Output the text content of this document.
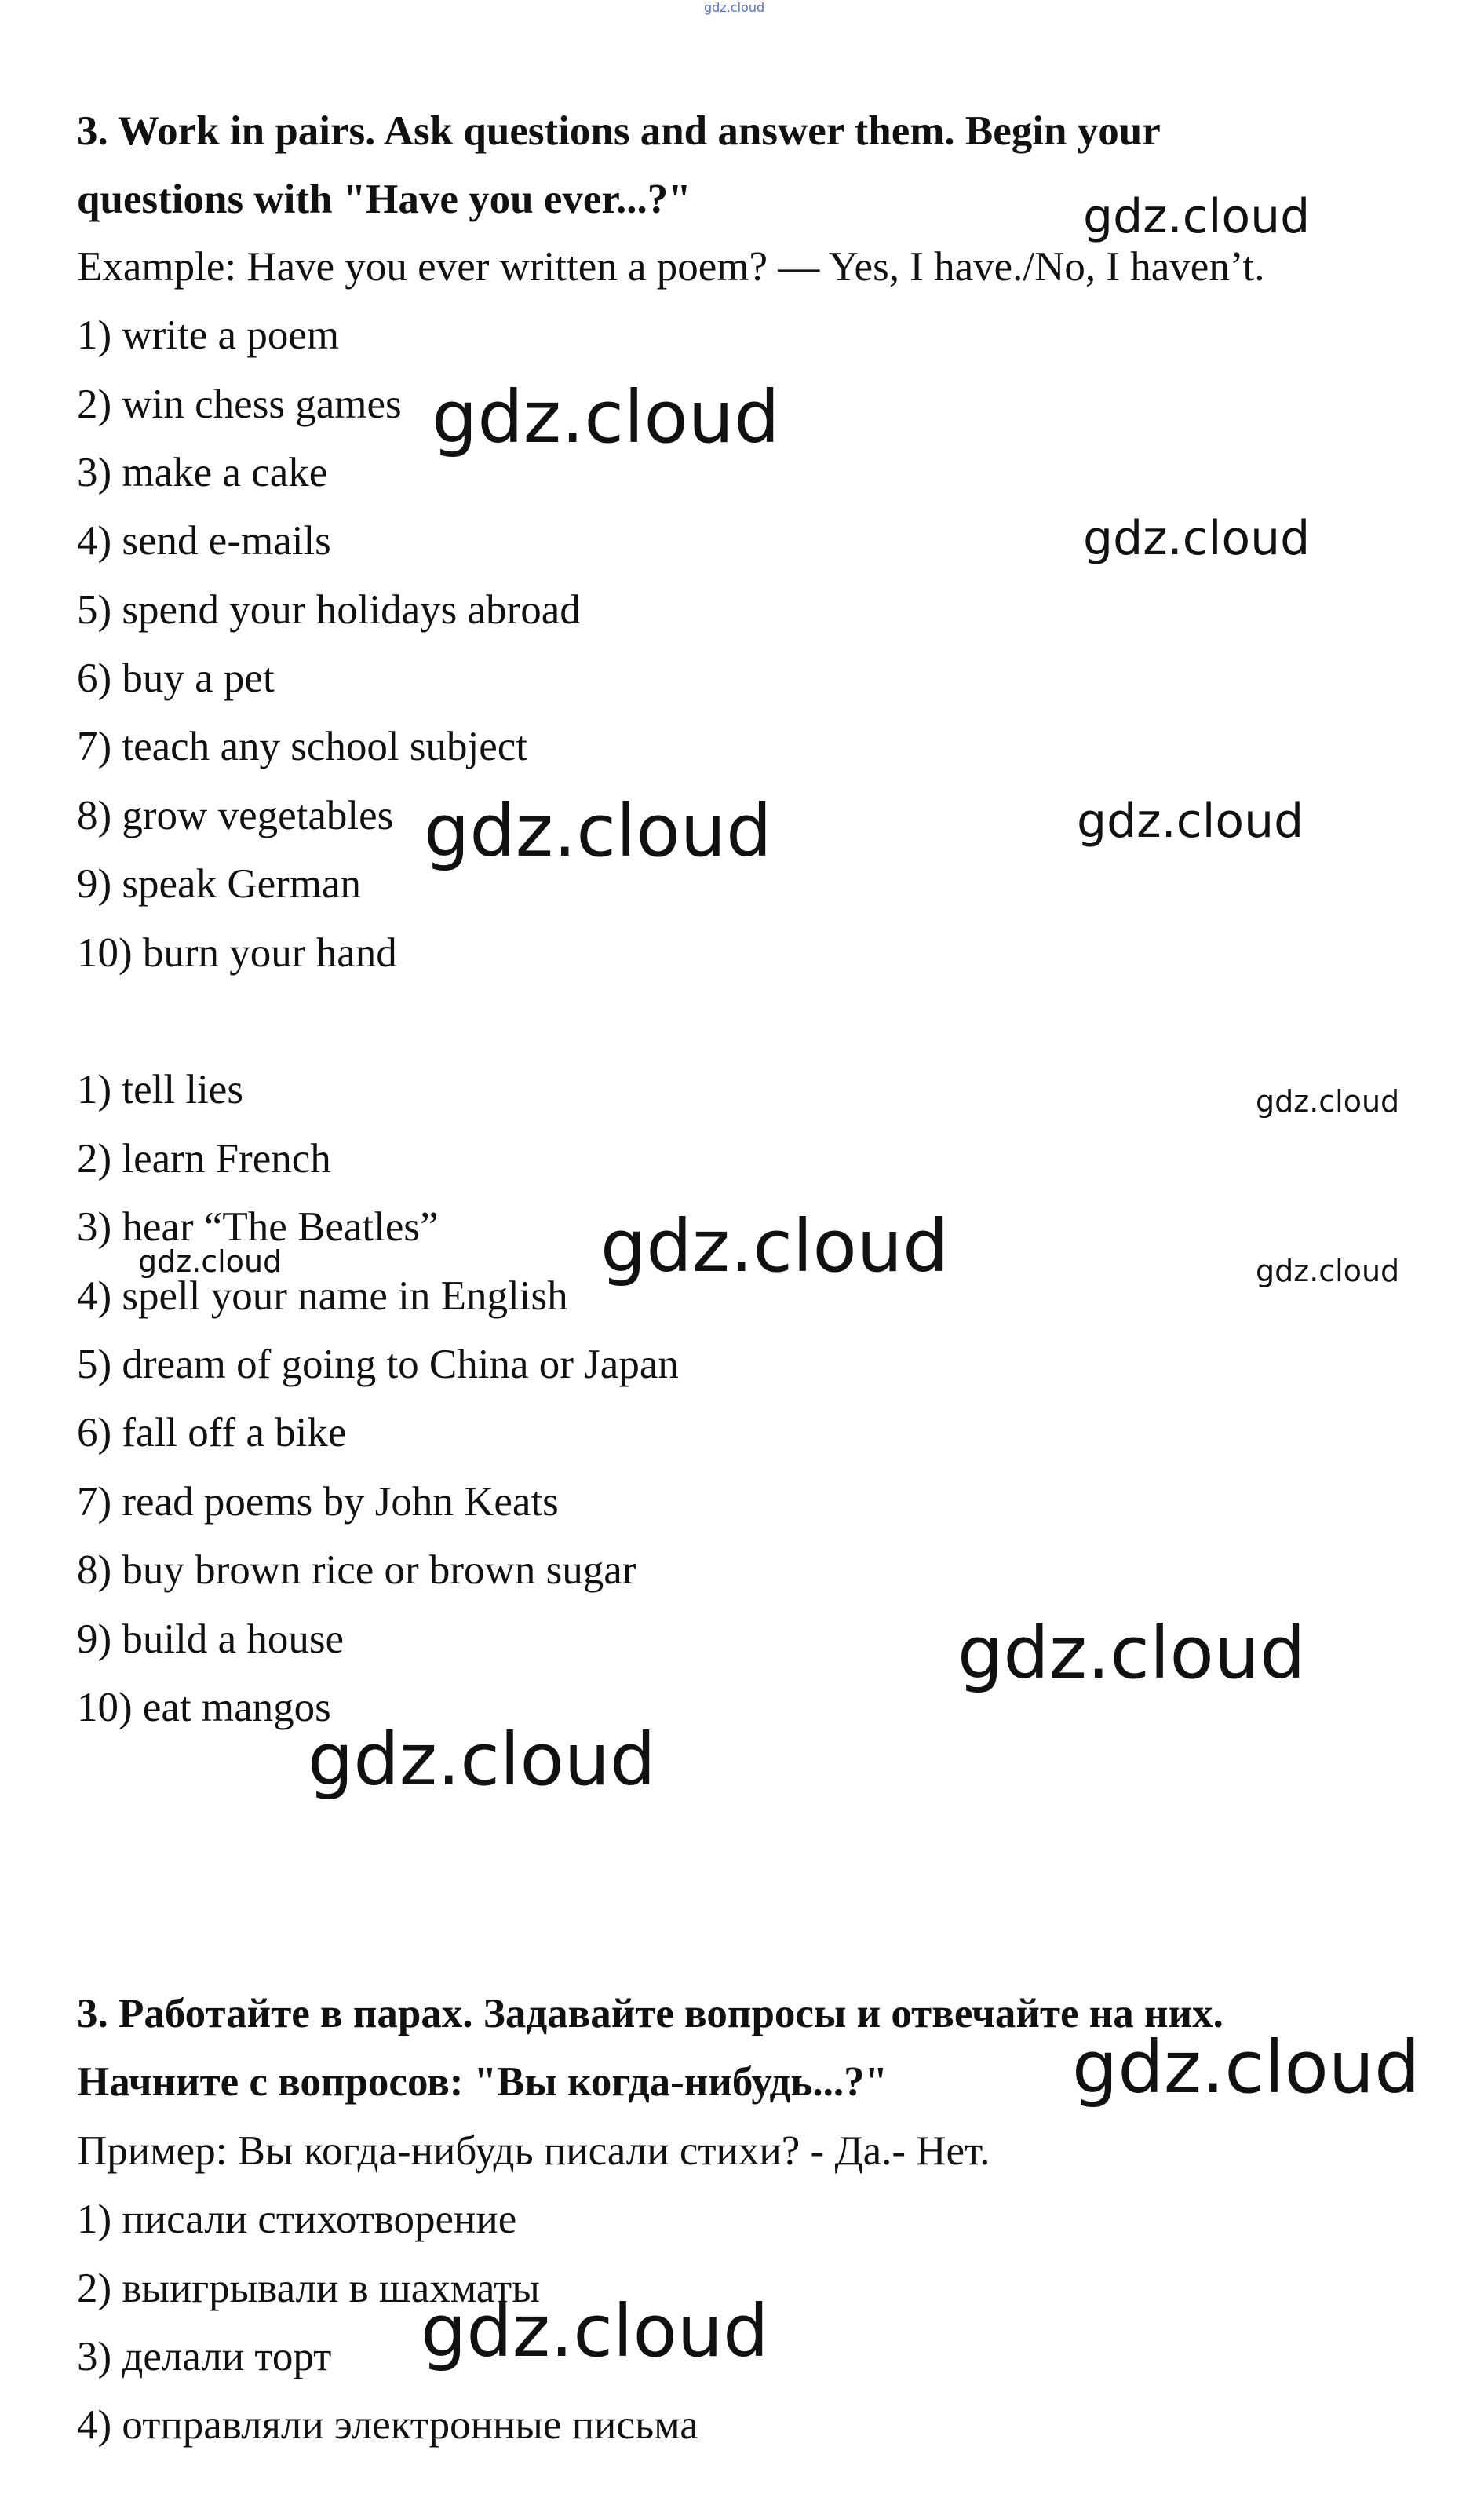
gdz.cloud

3. Work in pairs. Ask questions and answer them. Begin your

questions with "Have you ever...?"

Example: Have you ever written a poem? — Yes, I have./No, I haven’t.

1) write a poem

2) win chess games

3) make a cake

4) send e-mails

5) spend your holidays abroad

6) buy a pet

7) teach any school subject

8) grow vegetables

9) speak German

10) burn your hand

1) tell lies

2) learn French

3) hear “The Beatles”

4) spell your name in English

5) dream of going to China or Japan

6) fall off a bike

7) read poems by John Keats

8) buy brown rice or brown sugar

9) build a house

10) eat mangos

3. Работайте в парах. Задавайте вопросы и отвечайте на них.

Начните с вопросов: "Вы когда-нибудь...?"

Пример: Вы когда-нибудь писали стихи? - Да.- Нет.

1) писали стихотворение

2) выигрывали в шахматы

3) делали торт

4) отправляли электронные письма

gdz.cloud
gdz.cloud
gdz.cloud
gdz.cloud	gdz.cloud
gdz.cloud
gdz.cloud	gdz.cloud	gdz.cloud
gdz.cloud
gdz.cloud
gdz.cloud
gdz.cloud
